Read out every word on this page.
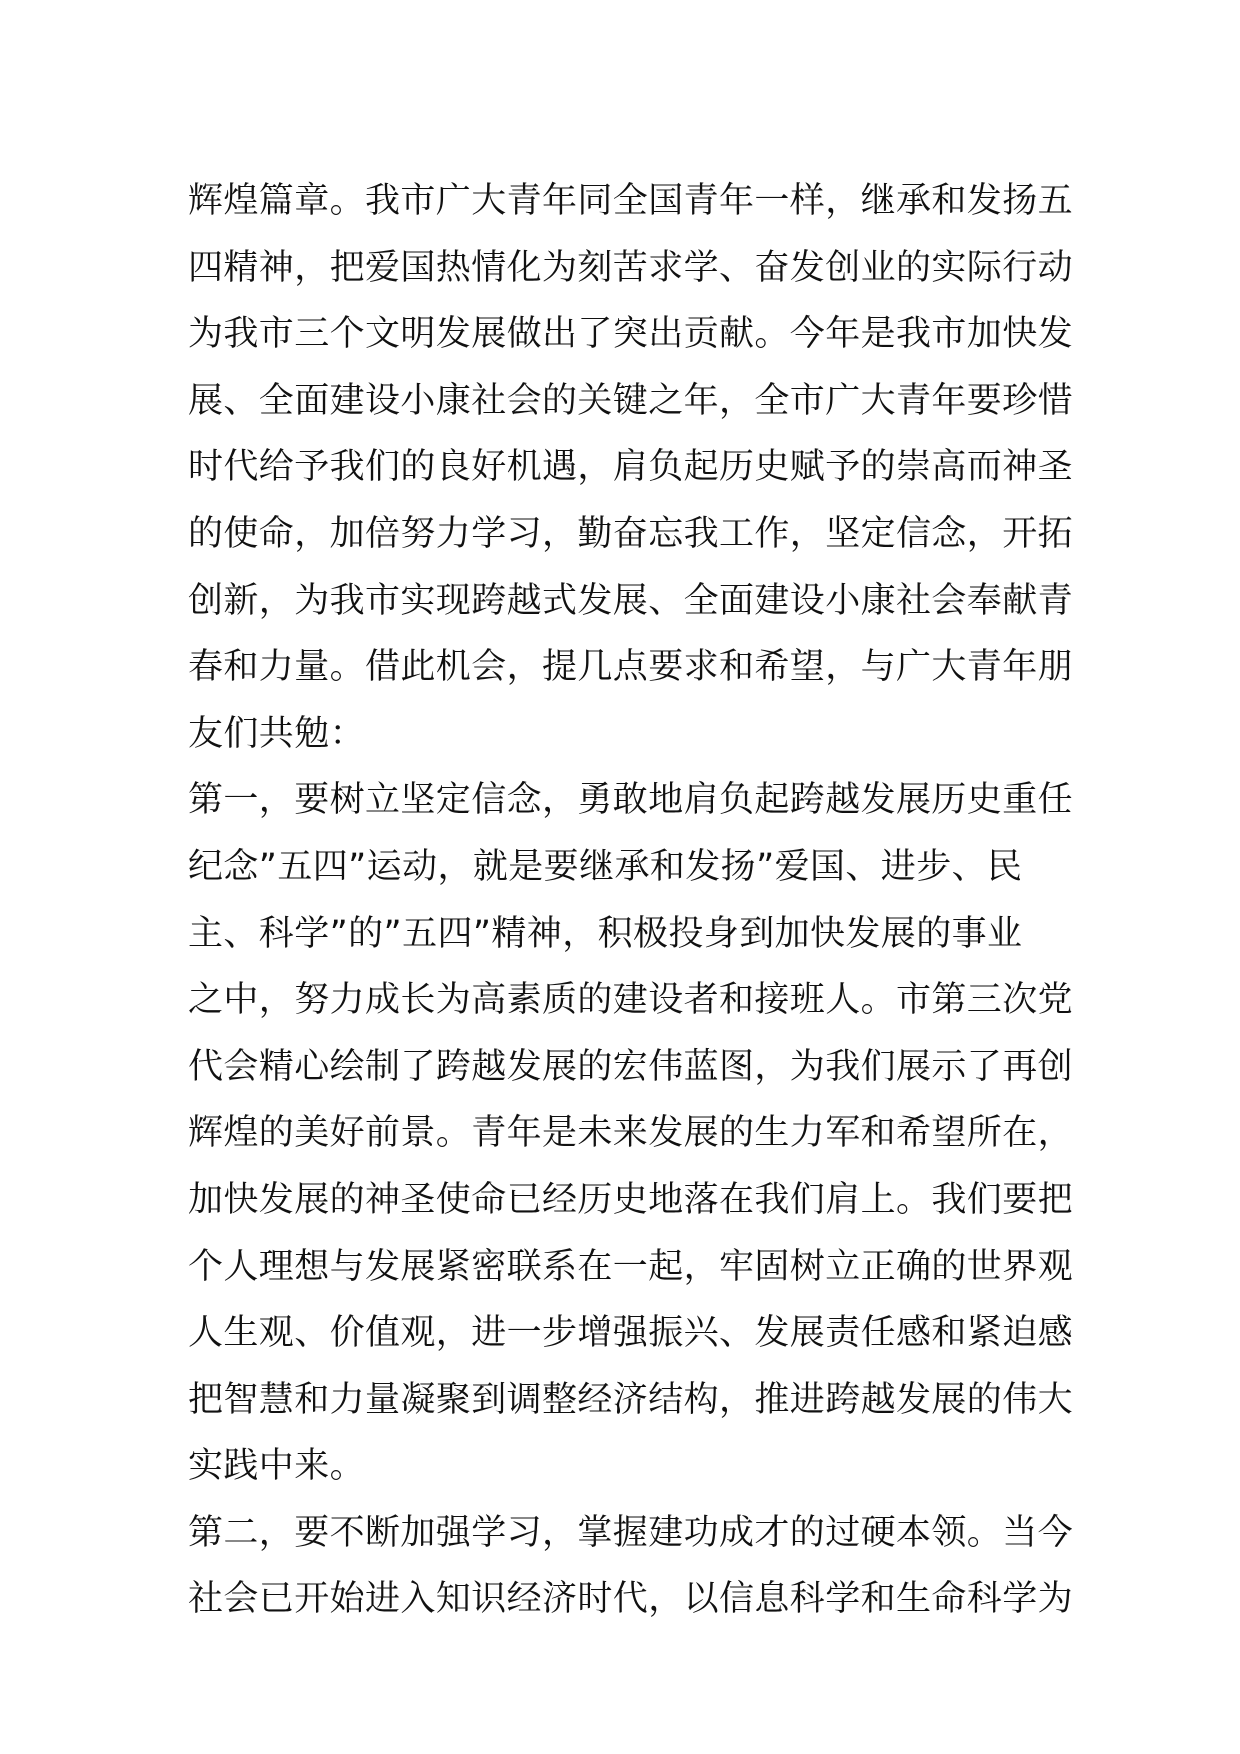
辉煌篇章。我市广大青年同全国青年一样，继承和发扬五
四精神，把爱国热情化为刻苦求学、奋发创业的实际行动
为我市三个文明发展做出了突出贡献。今年是我市加快发
展、全面建设小康社会的关键之年，全市广大青年要珍惜
时代给予我们的良好机遇，肩负起历史赋予的崇高而神圣
的使命，加倍努力学习，勤奋忘我工作，坚定信念，开拓
创新，为我市实现跨越式发展、全面建设小康社会奉献青
春和力量。借此机会，提几点要求和希望，与广大青年朋
友们共勉：
第一，要树立坚定信念，勇敢地肩负起跨越发展历史重任
纪念”五四”运动，就是要继承和发扬”爱国、进步、民
主、科学”的”五四”精神，积极投身到加快发展的事业
之中，努力成长为高素质的建设者和接班人。市第三次党
代会精心绘制了跨越发展的宏伟蓝图，为我们展示了再创
辉煌的美好前景。青年是未来发展的生力军和希望所在，
加快发展的神圣使命已经历史地落在我们肩上。我们要把
个人理想与发展紧密联系在一起，牢固树立正确的世界观
人生观、价值观，进一步增强振兴、发展责任感和紧迫感
把智慧和力量凝聚到调整经济结构，推进跨越发展的伟大
实践中来。
第二，要不断加强学习，掌握建功成才的过硬本领。当今
社会已开始进入知识经济时代，以信息科学和生命科学为
